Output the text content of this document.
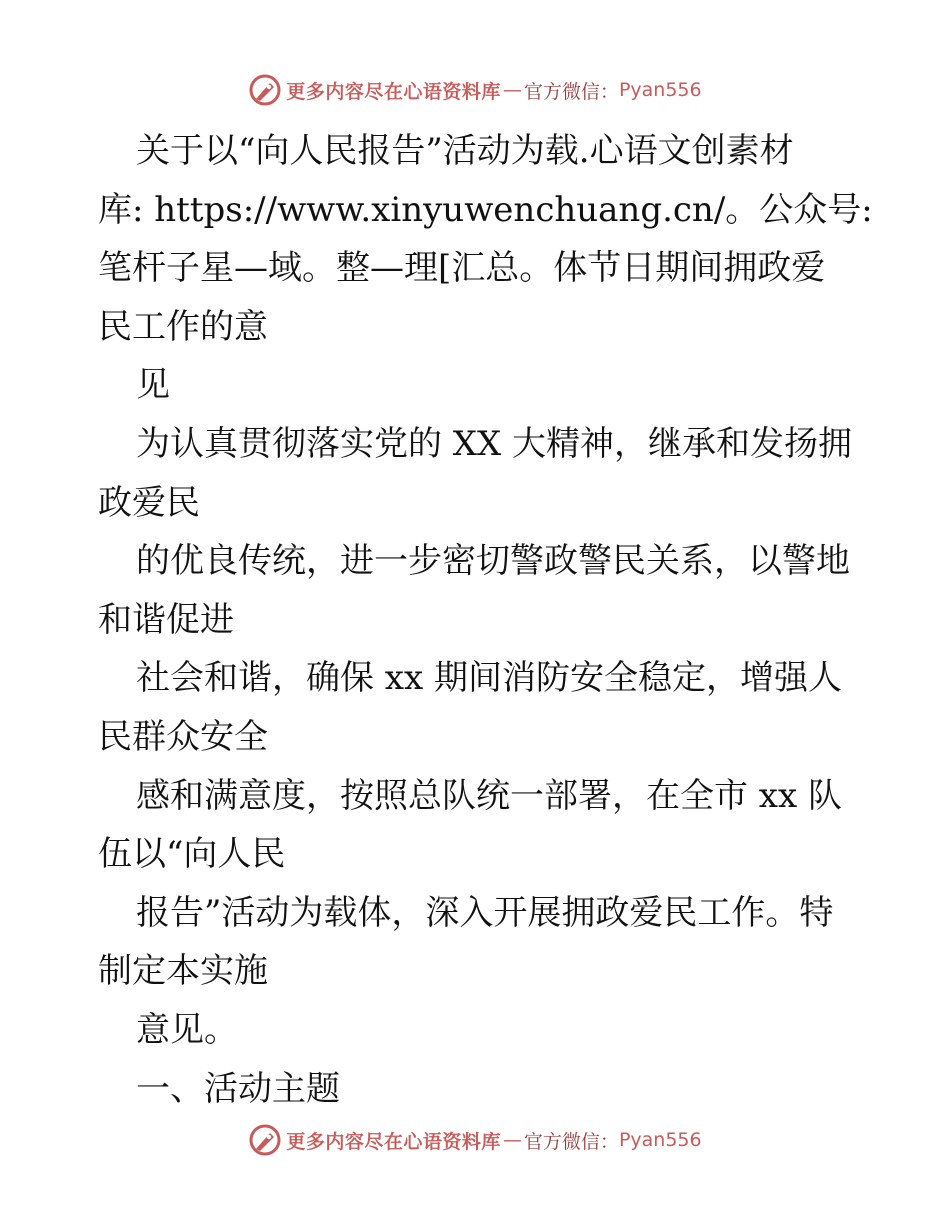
更多内容尽在心语资料库 — 官方微信： Pyan556
关于以“向人民报告”活动为载.心语文创素材
库: https://www.xinyuwenchuang.cn/。公众号:
笔杆子星—域。整—理[汇总。体节日期间拥政爱
民工作的意
见
为认真贯彻落实党的 XX 大精神，继承和发扬拥
政爱民
的优良传统，进一步密切警政警民关系，以警地
和谐促进
社会和谐，确保 xx 期间消防安全稳定，增强人
民群众安全
感和满意度，按照总队统一部署，在全市 xx 队
伍以“向人民
报告”活动为载体，深入开展拥政爱民工作。特
制定本实施
意见。
一、活动主题
更多内容尽在心语资料库 — 官方微信： Pyan556
